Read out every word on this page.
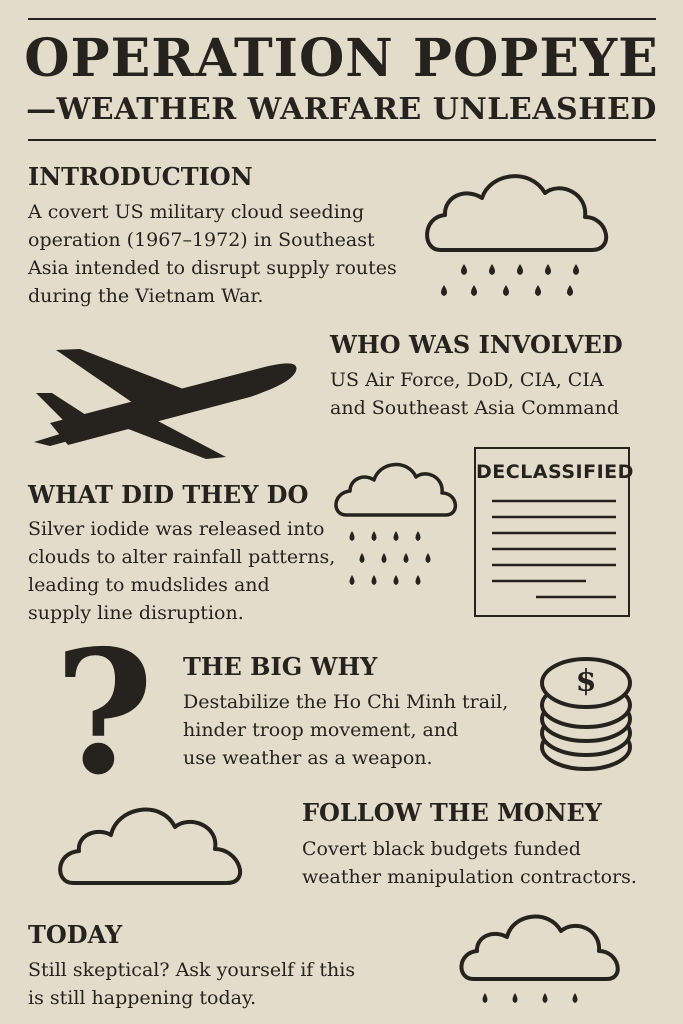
OPERATION POPEYE
—WEATHER WARFARE UNLEASHED
INTRODUCTION
A covert US military cloud seeding
operation (1967–1972) in Southeast
Asia intended to disrupt supply routes
during the Vietnam War.
WHO WAS INVOLVED
US Air Force, DoD, CIA, CIA
and Southeast Asia Command
WHAT DID THEY DO
Silver iodide was released into
clouds to alter rainfall patterns,
leading to mudslides and
supply line disruption.
DECLASSIFIED
? THE BIG WHY
Destabilize the Ho Chi Minh trail,
hinder troop movement, and
use weather as a weapon.
$
FOLLOW THE MONEY
Covert black budgets funded
weather manipulation contractors.
TODAY
Still skeptical? Ask yourself if this
is still happening today.
